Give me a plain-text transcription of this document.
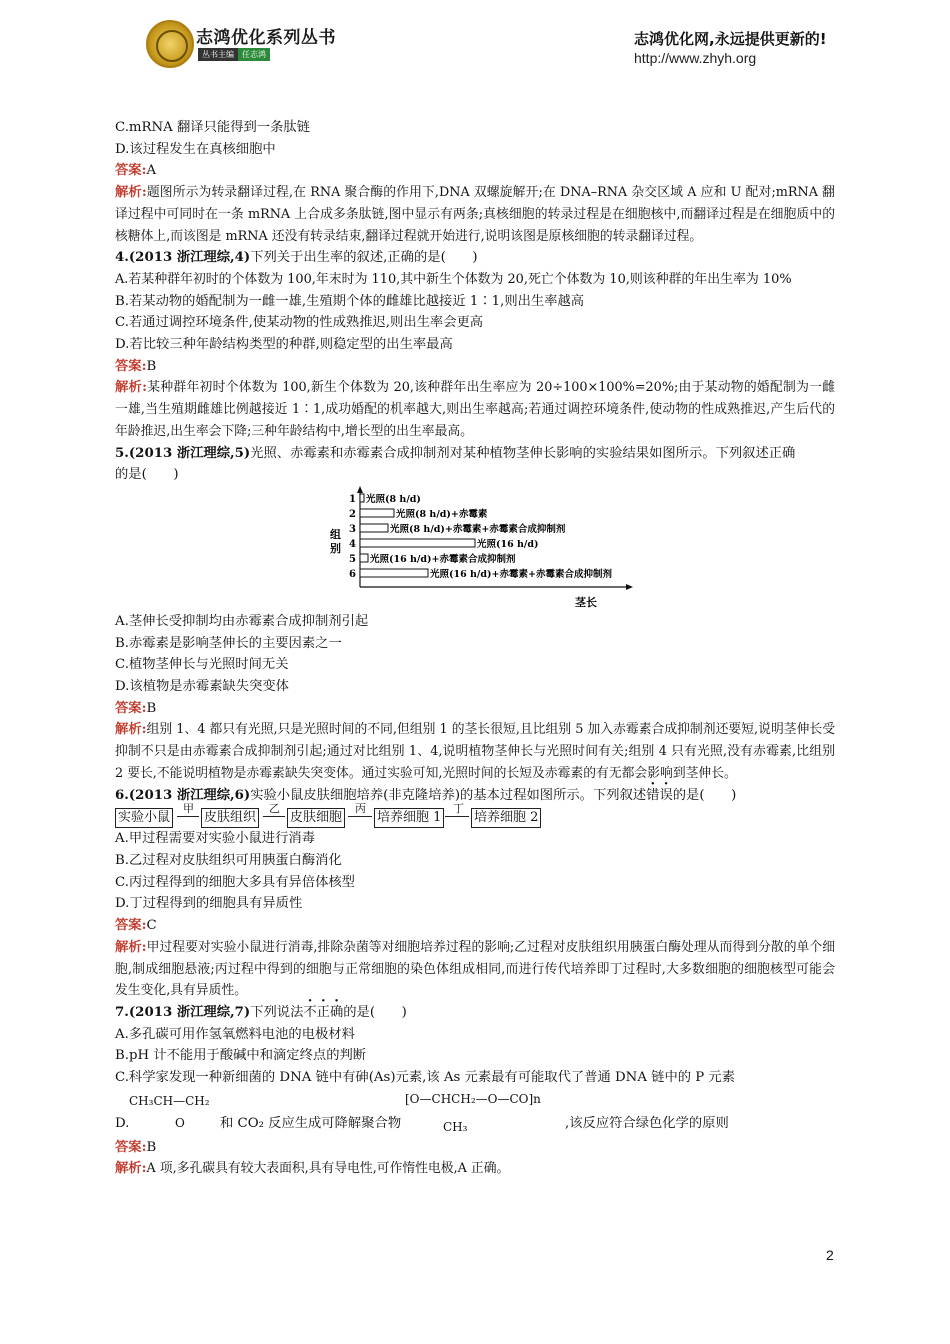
志鸿优化系列丛书
丛书主编	任志鸿
志鸿优化网,永远提供更新的!
http://www.zhyh.org
C.mRNA 翻译只能得到一条肽链
D.该过程发生在真核细胞中
答案:A
解析:题图所示为转录翻译过程,在 RNA 聚合酶的作用下,DNA 双螺旋解开;在 DNA–RNA 杂交区域 A 应和 U 配对;mRNA 翻译过程中可同时在一条 mRNA 上合成多条肽链,图中显示有两条;真核细胞的转录过程是在细胞核中,而翻译过程是在细胞质中的核糖体上,而该图是 mRNA 还没有转录结束,翻译过程就开始进行,说明该图是原核细胞的转录翻译过程。
4.(2013 浙江理综,4)下列关于出生率的叙述,正确的是(　　)
A.若某种群年初时的个体数为 100,年末时为 110,其中新生个体数为 20,死亡个体数为 10,则该种群的年出生率为 10%
B.若某动物的婚配制为一雌一雄,生殖期个体的雌雄比越接近 1∶1,则出生率越高
C.若通过调控环境条件,使某动物的性成熟推迟,则出生率会更高
D.若比较三种年龄结构类型的种群,则稳定型的出生率最高
答案:B
解析:某种群年初时个体数为 100,新生个体数为 20,该种群年出生率应为 20÷100×100%=20%;由于某动物的婚配制为一雌一雄,当生殖期雌雄比例越接近 1∶1,成功婚配的机率越大,则出生率越高;若通过调控环境条件,使动物的性成熟推迟,产生后代的年龄推迟,出生率会下降;三种年龄结构中,增长型的出生率最高。
5.(2013 浙江理综,5)光照、赤霉素和赤霉素合成抑制剂对某种植物茎伸长影响的实验结果如图所示。下列叙述正确
的是(　　)
组
别
茎长
1 光照(8 h/d)
2	光照(8 h/d)+赤霉素
3	光照(8 h/d)+赤霉素+赤霉素合成抑制剂
4	光照(16 h/d)
5 光照(16 h/d)+赤霉素合成抑制剂
6	光照(16 h/d)+赤霉素+赤霉素合成抑制剂
A.茎伸长受抑制均由赤霉素合成抑制剂引起
B.赤霉素是影响茎伸长的主要因素之一
C.植物茎伸长与光照时间无关
D.该植物是赤霉素缺失突变体
答案:B
解析:组别 1、4 都只有光照,只是光照时间的不同,但组别 1 的茎长很短,且比组别 5 加入赤霉素合成抑制剂还要短,说明茎伸长受抑制不只是由赤霉素合成抑制剂引起;通过对比组别 1、4,说明植物茎伸长与光照时间有关;组别 4 只有光照,没有赤霉素,比组别 2 要长,不能说明植物是赤霉素缺失突变体。通过实验可知,光照时间的长短及赤霉素的有无都会影响到茎伸长。
6.(2013 浙江理综,6)实验小鼠皮肤细胞培养(非克隆培养)的基本过程如图所示。下列叙述错误的是(　　)
实验小鼠
甲
皮肤组织
乙
皮肤细胞
丙
培养细胞 1
丁
培养细胞 2
A.甲过程需要对实验小鼠进行消毒
B.乙过程对皮肤组织可用胰蛋白酶消化
C.丙过程得到的细胞大多具有异倍体核型
D.丁过程得到的细胞具有异质性
答案:C
解析:甲过程要对实验小鼠进行消毒,排除杂菌等对细胞培养过程的影响;乙过程对皮肤组织用胰蛋白酶处理从而得到分散的单个细胞,制成细胞悬液;丙过程中得到的细胞与正常细胞的染色体组成相同,而进行传代培养即丁过程时,大多数细胞的细胞核型可能会发生变化,具有异质性。
7.(2013 浙江理综,7)下列说法不正确的是(　　)
A.多孔碳可用作氢氧燃料电池的电极材料
B.pH 计不能用于酸碱中和滴定终点的判断
C.科学家发现一种新细菌的 DNA 链中有砷(As)元素,该 As 元素最有可能取代了普通 DNA 链中的 P 元素
D.
CH₃CH—CH₂
O	和 CO₂ 反应生成可降解聚合物
[O—CHCH₂—O—CO]n
CH₃	,该反应符合绿色化学的原则
答案:B
解析:A 项,多孔碳具有较大表面积,具有导电性,可作惰性电极,A 正确。
2
